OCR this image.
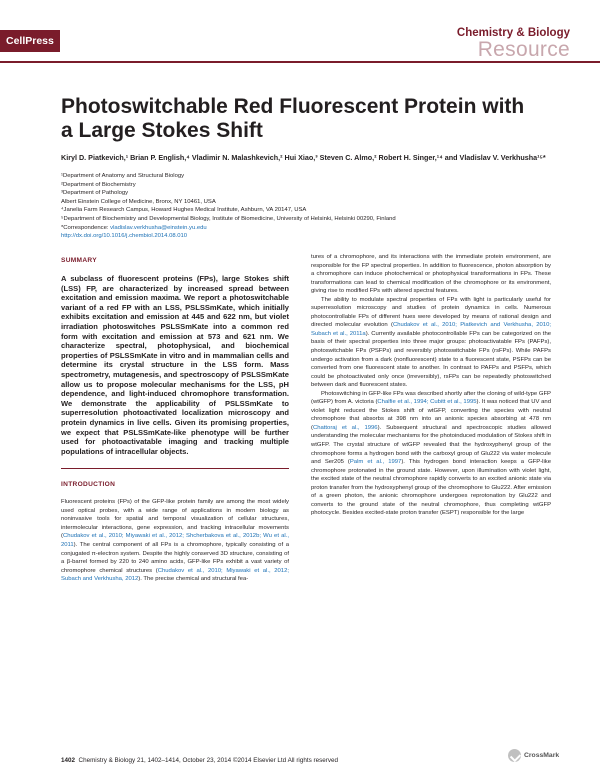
CellPress
Chemistry & Biology
Resource
Photoswitchable Red Fluorescent Protein with a Large Stokes Shift
Kiryl D. Piatkevich,¹ Brian P. English,⁴ Vladimir N. Malashkevich,² Hui Xiao,³ Steven C. Almo,² Robert H. Singer,¹⁴ and Vladislav V. Verkhusha¹⁵*
¹Department of Anatomy and Structural Biology
²Department of Biochemistry
³Department of Pathology
Albert Einstein College of Medicine, Bronx, NY 10461, USA
⁴Janelia Farm Research Campus, Howard Hughes Medical Institute, Ashburn, VA 20147, USA
⁵Department of Biochemistry and Developmental Biology, Institute of Biomedicine, University of Helsinki, Helsinki 00290, Finland
*Correspondence: vladislav.verkhusha@einstein.yu.edu
http://dx.doi.org/10.1016/j.chembiol.2014.08.010

SUMMARY

A subclass of fluorescent proteins (FPs), large Stokes shift (LSS) FP, are characterized by increased spread between excitation and emission maxima. We report a photoswitchable variant of a red FP with an LSS, PSLSSmKate, which initially exhibits excitation and emission at 445 and 622 nm, but violet irradiation photoswitches PSLSSmKate into a common red form with excitation and emission at 573 and 621 nm. We characterize spectral, photophysical, and biochemical properties of PSLSSmKate in vitro and in mammalian cells and determine its crystal structure in the LSS form. Mass spectrometry, mutagenesis, and spectroscopy of PSLSSmKate allow us to propose molecular mechanisms for the LSS, pH dependence, and light-induced chromophore transformation. We demonstrate the applicability of PSLSSmKate to superresolution photoactivated localization microscopy and protein dynamics in live cells. Given its promising properties, we expect that PSLSSmKate-like phenotype will be further used for photoactivatable imaging and tracking multiple populations of intracellular objects.

INTRODUCTION

Fluorescent proteins (FPs) of the GFP-like protein family are among the most widely used optical probes, with a wide range of applications in modern biology as noninvasive tools for spatial and temporal visualization of cellular structures, intermolecular interactions, gene expression, and tracking intracellular movements (Chudakov et al., 2010; Miyawaki et al., 2012; Shcherbakova et al., 2012b; Wu et al., 2011). The central component of all FPs is a chromophore, typically consisting of a conjugated π-electron system. Despite the highly conserved 3D structure, consisting of a β-barrel formed by 220 to 240 amino acids, GFP-like FPs exhibit a vast variety of chromophore chemical structures (Chudakov et al., 2010; Miyawaki et al., 2012; Subach and Verkhusha, 2012). The precise chemical and structural fea-

tures of a chromophore, and its interactions with the immediate protein environment, are responsible for the FP spectral properties. In addition to fluorescence, photon absorption by a chromophore can induce photochemical or photophysical transformations in FPs. These transformations can lead to chemical modification of the chromophore or its environment, giving rise to modified FPs with altered spectral features.

The ability to modulate spectral properties of FPs with light is particularly useful for superresolution microscopy and studies of protein dynamics in cells. Numerous photocontrollable FPs of different hues were developed by means of rational design and directed molecular evolution (Chudakov et al., 2010; Piatkevich and Verkhusha, 2010; Subach et al., 2011a). Currently available photocontrollable FPs can be categorized on the basis of their spectral properties into three major groups: photoactivatable FPs (PAFPs), photoswitchable FPs (PSFPs) and reversibly photoswitchable FPs (rsFPs). While PAFPs undergo activation from a dark (nonfluorescent) state to a fluorescent state, PSFPs can be converted from one fluorescent state to another. In contrast to PAFPs and PSFPs, which could be photoactivated only once (irreversibly), rsFPs can be repeatedly photoswitched between dark and fluorescent states.

Photoswitching in GFP-like FPs was described shortly after the cloning of wild-type GFP (wtGFP) from A. victoria (Chalfie et al., 1994; Cubitt et al., 1995). It was noticed that UV and violet light reduced the Stokes shift of wtGFP, converting the species with neutral chromophore that absorbs at 398 nm into an anionic species absorbing at 478 nm (Chattoraj et al., 1996). Subsequent structural and spectroscopic studies allowed understanding the molecular mechanisms for the photoinduced modulation of Stokes shift in wtGFP. The crystal structure of wtGFP revealed that the hydroxyphenyl group of the chromophore forms a hydrogen bond with the carboxyl group of Glu222 via water molecule and Ser205 (Palm et al., 1997). This hydrogen bond interaction keeps a GFP-like chromophore protonated in the ground state. However, upon illumination with violet light, the excited state of the neutral chromophore rapidly converts to an excited anionic state via proton transfer from the hydroxyphenyl group of the chromophore to Glu222. After emission of a green photon, the anionic chromophore undergoes reprotonation by Glu222 and converts to the ground state of the neutral chromophore, thus completing wtGFP photocycle. Besides excited-state proton transfer (ESPT) responsible for the large

1402 Chemistry & Biology 21, 1402–1414, October 23, 2014 ©2014 Elsevier Ltd All rights reserved
CrossMark
